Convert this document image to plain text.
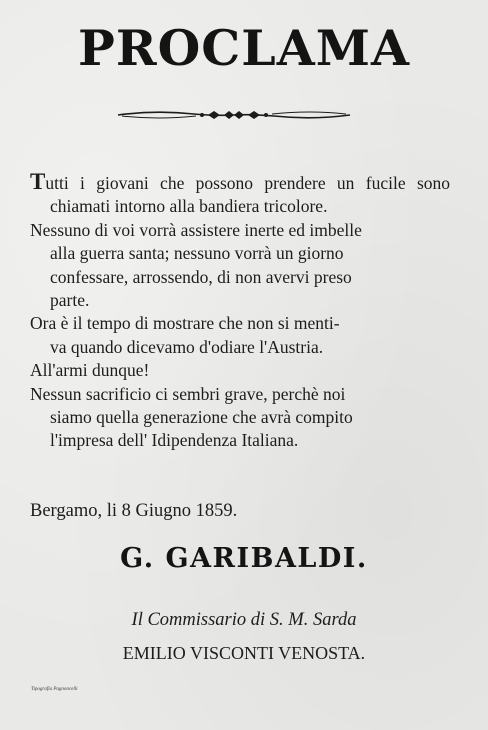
PROCLAMA

Tutti i giovani che possono prendere un fucile sono chiamati intorno alla bandiera tricolore.

Nessuno di voi vorrà assistere inerte ed imbelle
alla guerra santa; nessuno vorrà un giorno
confessare, arrossendo, di non avervi preso
parte.

Ora è il tempo di mostrare che non si menti-
va quando dicevamo d'odiare l'Austria.

All'armi dunque!

Nessun sacrificio ci sembri grave, perchè noi
siamo quella generazione che avrà compito
l'impresa dell' Idipendenza Italiana.

Bergamo, li 8 Giugno 1859.
G. GARIBALDI.
Il Commissario di S. M. Sarda
EMILIO VISCONTI VENOSTA.
Tipografia Pagnoncelli
